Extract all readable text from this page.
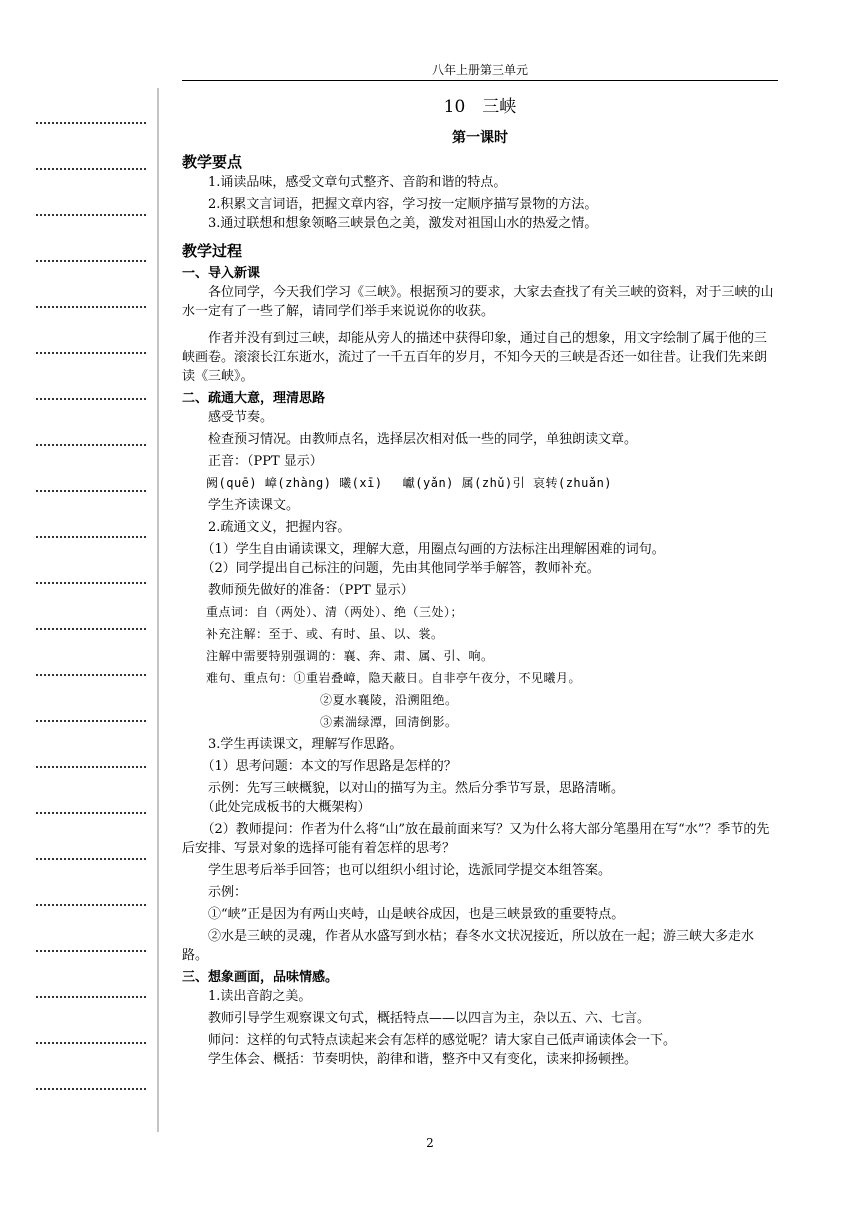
八年上册第三单元

10　三峡

第一课时

教学要点

1.诵读品味，感受文章句式整齐、音韵和谐的特点。

2.积累文言词语，把握文章内容，学习按一定顺序描写景物的方法。

3.通过联想和想象领略三峡景色之美，激发对祖国山水的热爱之情。

教学过程

一、导入新课

各位同学，今天我们学习《三峡》。根据预习的要求，大家去查找了有关三峡的资料，对于三峡的山水一定有了一些了解，请同学们举手来说说你的收获。

作者并没有到过三峡，却能从旁人的描述中获得印象，通过自己的想象，用文字绘制了属于他的三峡画卷。滚滚长江东逝水，流过了一千五百年的岁月，不知今天的三峡是否还一如往昔。让我们先来朗读《三峡》。

二、疏通大意，理清思路

感受节奏。

检查预习情况。由教师点名，选择层次相对低一些的同学，单独朗读文章。

正音：（PPT 显示）

阙(quē) 嶂(zhàng) 曦(xī)　 巘(yǎn) 属(zhǔ)引 哀转(zhuǎn)

学生齐读课文。

2.疏通文义，把握内容。

（1）学生自由诵读课文，理解大意，用圈点勾画的方法标注出理解困难的词句。

（2）同学提出自己标注的问题，先由其他同学举手解答，教师补充。

教师预先做好的准备：（PPT 显示）

重点词：自（两处）、清（两处）、绝（三处）；

补充注解：至于、或、有时、虽、以、裳。

注解中需要特别强调的：襄、奔、肃、属、引、响。

难句、重点句：①重岩叠嶂，隐天蔽日。自非亭午夜分，不见曦月。

②夏水襄陵，沿溯阻绝。

③素湍绿潭，回清倒影。

3.学生再读课文，理解写作思路。

（1）思考问题：本文的写作思路是怎样的？

示例：先写三峡概貌，以对山的描写为主。然后分季节写景，思路清晰。

（此处完成板书的大概架构）

（2）教师提问：作者为什么将“山”放在最前面来写？又为什么将大部分笔墨用在写“水”？季节的先后安排、写景对象的选择可能有着怎样的思考？

学生思考后举手回答；也可以组织小组讨论，选派同学提交本组答案。

示例：

①“峡”正是因为有两山夹峙，山是峡谷成因，也是三峡景致的重要特点。

②水是三峡的灵魂，作者从水盛写到水枯；春冬水文状况接近，所以放在一起；游三峡大多走水路。

三、想象画面，品味情感。

1.读出音韵之美。

教师引导学生观察课文句式，概括特点——以四言为主，杂以五、六、七言。

师问：这样的句式特点读起来会有怎样的感觉呢？请大家自己低声诵读体会一下。

学生体会、概括：节奏明快，韵律和谐，整齐中又有变化，读来抑扬顿挫。

2
